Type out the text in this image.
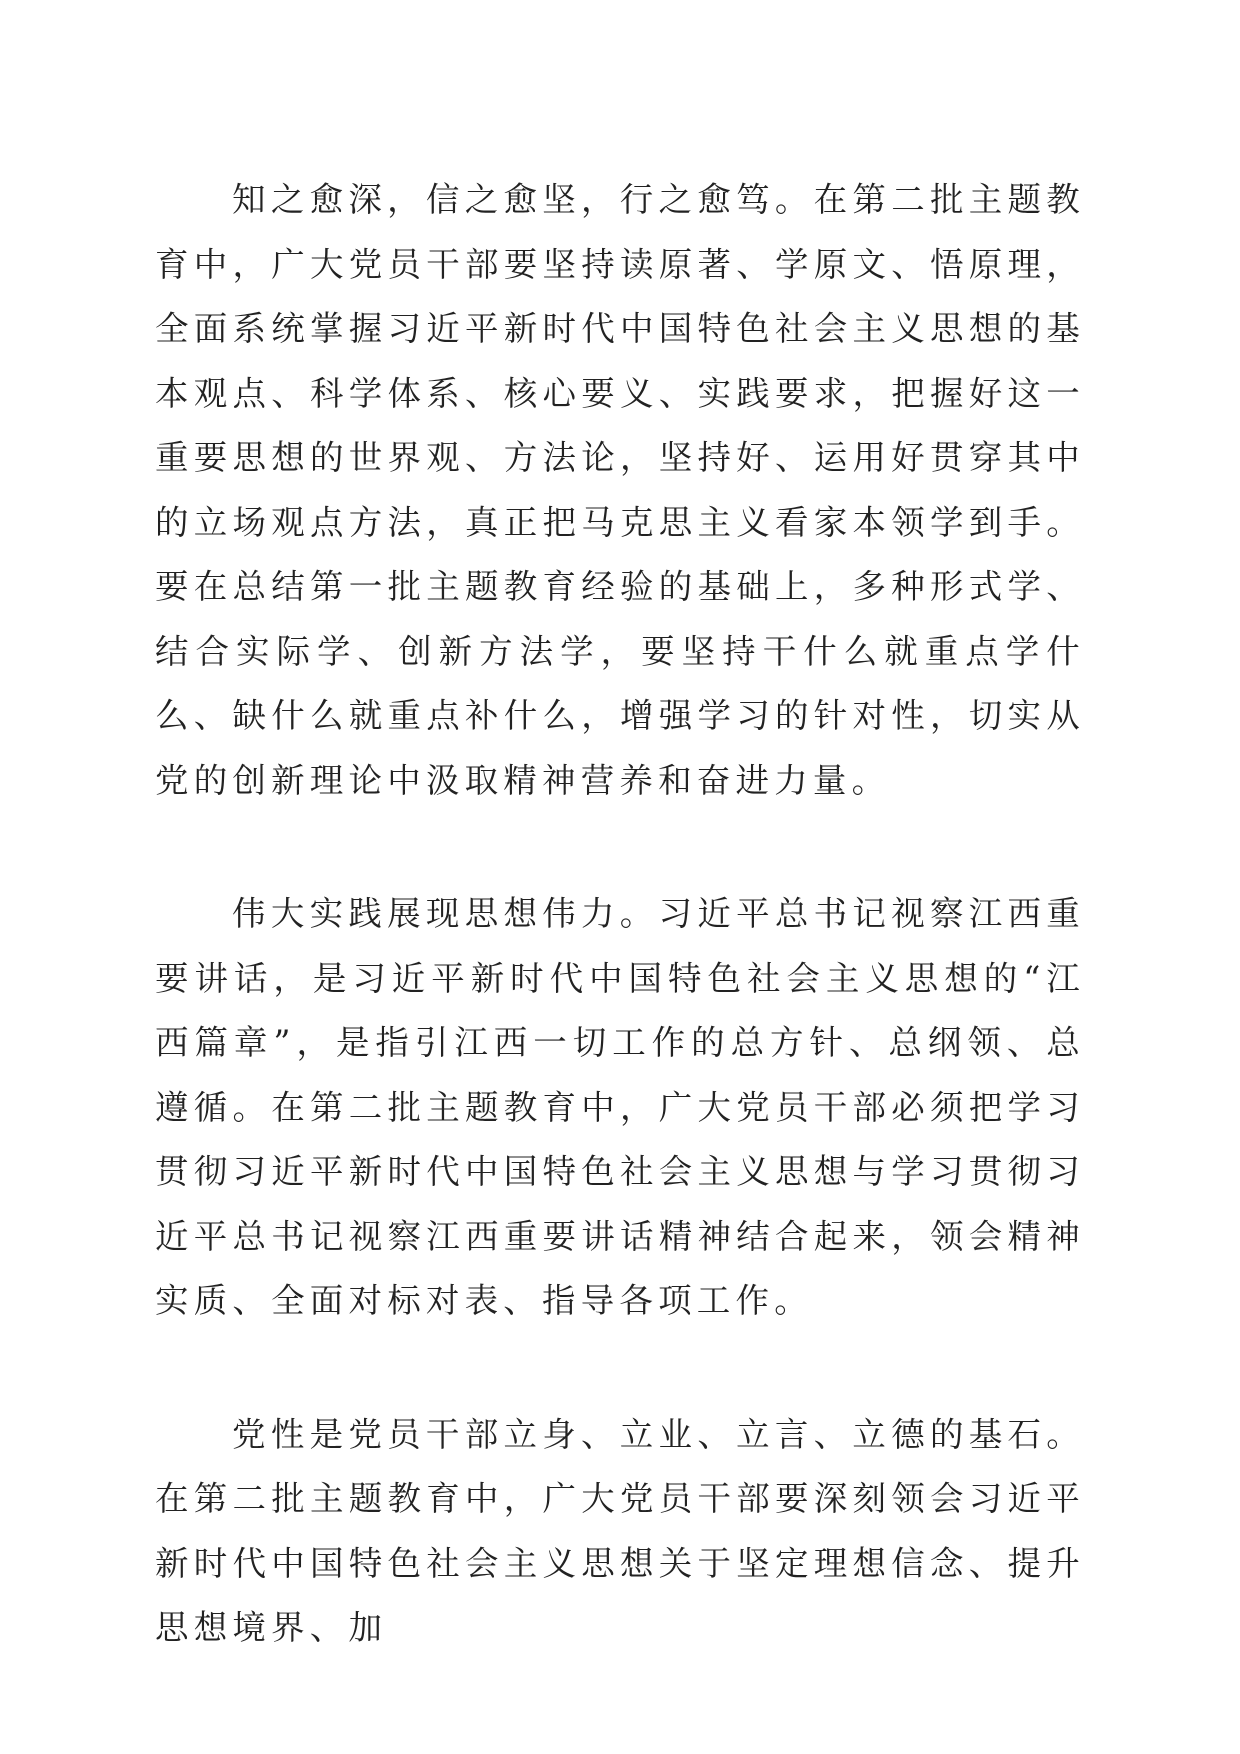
知之愈深，信之愈坚，行之愈笃。在第二批主题教育中，广大党员干部要坚持读原著、学原文、悟原理，全面系统掌握习近平新时代中国特色社会主义思想的基本观点、科学体系、核心要义、实践要求，把握好这一重要思想的世界观、方法论，坚持好、运用好贯穿其中的立场观点方法，真正把马克思主义看家本领学到手。要在总结第一批主题教育经验的基础上，多种形式学、结合实际学、创新方法学，要坚持干什么就重点学什么、缺什么就重点补什么，增强学习的针对性，切实从党的创新理论中汲取精神营养和奋进力量。

伟大实践展现思想伟力。习近平总书记视察江西重要讲话，是习近平新时代中国特色社会主义思想的“江西篇章”，是指引江西一切工作的总方针、总纲领、总遵循。在第二批主题教育中，广大党员干部必须把学习贯彻习近平新时代中国特色社会主义思想与学习贯彻习近平总书记视察江西重要讲话精神结合起来，领会精神实质、全面对标对表、指导各项工作。

党性是党员干部立身、立业、立言、立德的基石。在第二批主题教育中，广大党员干部要深刻领会习近平新时代中国特色社会主义思想关于坚定理想信念、提升思想境界、加
